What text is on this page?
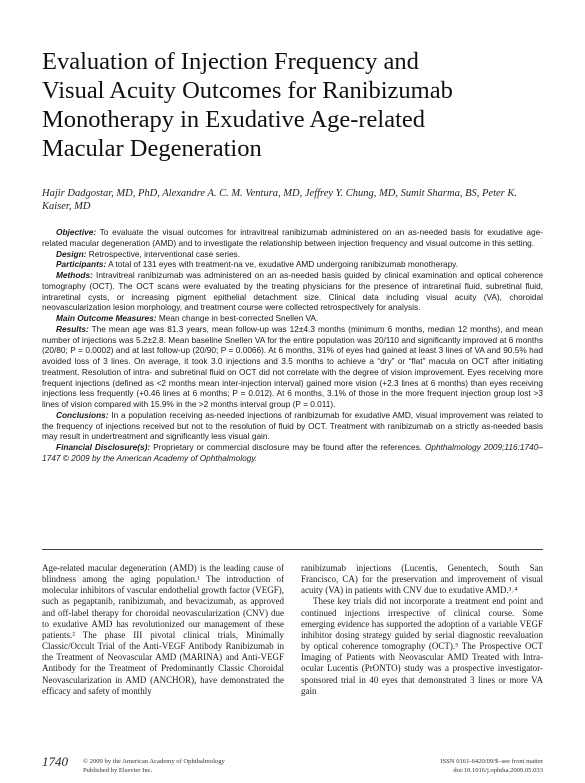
Evaluation of Injection Frequency and
Visual Acuity Outcomes for Ranibizumab
Monotherapy in Exudative Age-related
Macular Degeneration
Hajir Dadgostar, MD, PhD, Alexandre A. C. M. Ventura, MD, Jeffrey Y. Chung, MD, Sumit Sharma, BS, Peter K. Kaiser, MD

Objective: To evaluate the visual outcomes for intravitreal ranibizumab administered on an as-needed basis for exudative age-related macular degeneration (AMD) and to investigate the relationship between injection frequency and visual outcome in this setting.

Design: Retrospective, interventional case series.

Participants: A total of 131 eyes with treatment-na ve, exudative AMD undergoing ranibizumab monotherapy.

Methods: Intravitreal ranibizumab was administered on an as-needed basis guided by clinical examination and optical coherence tomography (OCT). The OCT scans were evaluated by the treating physicians for the presence of intraretinal fluid, subretinal fluid, intraretinal cysts, or increasing pigment epithelial detachment size. Clinical data including visual acuity (VA), choroidal neovascularization lesion morphology, and treatment course were collected retrospectively for analysis.

Main Outcome Measures: Mean change in best-corrected Snellen VA.

Results: The mean age was 81.3 years, mean follow-up was 12±4.3 months (minimum 6 months, median 12 months), and mean number of injections was 5.2±2.8. Mean baseline Snellen VA for the entire population was 20/110 and significantly improved at 6 months (20/80; P = 0.0002) and at last follow-up (20/90; P = 0.0066). At 6 months, 31% of eyes had gained at least 3 lines of VA and 90.5% had avoided loss of 3 lines. On average, it took 3.0 injections and 3.5 months to achieve a “dry” or “flat” macula on OCT after initiating treatment. Resolution of intra- and subretinal fluid on OCT did not correlate with the degree of vision improvement. Eyes receiving more frequent injections (defined as <2 months mean inter-injection interval) gained more vision (+2.3 lines at 6 months) than eyes receiving injections less frequently (+0.46 lines at 6 months; P = 0.012). At 6 months, 3.1% of those in the more frequent injection group lost >3 lines of vision compared with 15.9% in the >2 months interval group (P = 0.011).

Conclusions: In a population receiving as-needed injections of ranibizumab for exudative AMD, visual improvement was related to the frequency of injections received but not to the resolution of fluid by OCT. Treatment with ranibizumab on a strictly as-needed basis may result in undertreatment and significantly less visual gain.

Financial Disclosure(s): Proprietary or commercial disclosure may be found after the references. Ophthalmology 2009;116:1740–1747 © 2009 by the American Academy of Ophthalmology.

Age-related macular degeneration (AMD) is the leading cause of blindness among the aging population.¹ The introduction of molecular inhibitors of vascular endothelial growth factor (VEGF), such as pegaptanib, ranibizumab, and bevacizumab, as approved and off-label therapy for choroidal neovascularization (CNV) due to exudative AMD has revolutionized our management of these patients.² The phase III pivotal clinical trials, Minimally Classic/Occult Trial of the Anti-VEGF Antibody Ranibizumab in the Treatment of Neovascular AMD (MARINA) and Anti-VEGF Antibody for the Treatment of Predominantly Classic Choroidal Neovascularization in AMD (ANCHOR), have demonstrated the efficacy and safety of monthly

ranibizumab injections (Lucentis, Genentech, South San Francisco, CA) for the preservation and improvement of visual acuity (VA) in patients with CNV due to exudative AMD.³˒⁴

These key trials did not incorporate a treatment end point and continued injections irrespective of clinical course. Some emerging evidence has supported the adoption of a variable VEGF inhibitor dosing strategy guided by serial diagnostic reevaluation by optical coherence tomography (OCT).⁵ The Prospective OCT Imaging of Patients with Neovascular AMD Treated with Intra-ocular Lucentis (PrONTO) study was a prospective investigator-sponsored trial in 40 eyes that demonstrated 3 lines or more VA gain

1740 © 2009 by the American Academy of Ophthalmology
Published by Elsevier Inc.
ISSN 0161-6420/09/$–see front matter
doi:10.1016/j.ophtha.2009.05.033
